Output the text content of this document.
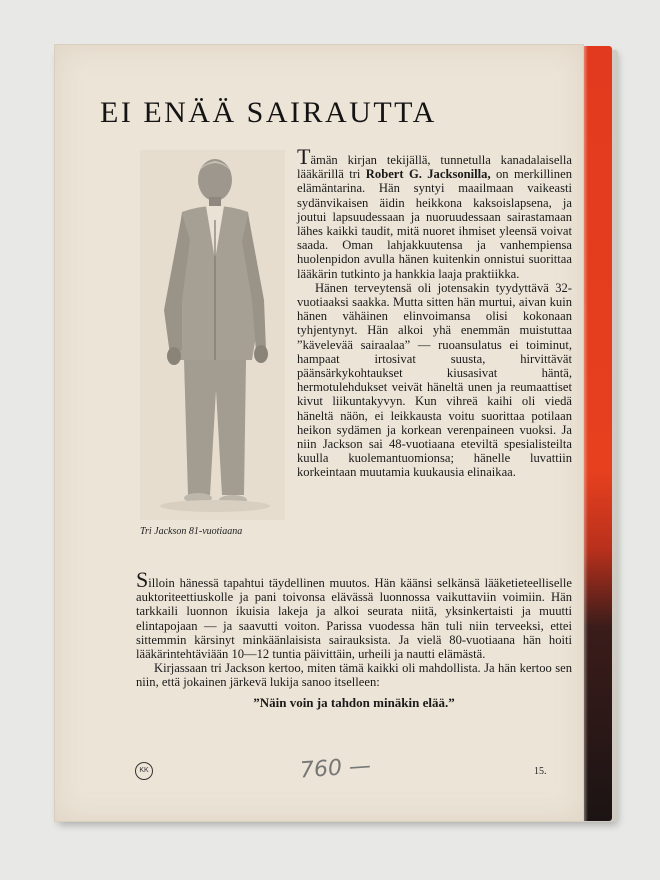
EI ENÄÄ SAIRAUTTA
Tri Jackson 81-vuotiaana

Tämän kirjan tekijällä, tunnetulla kanadalaisella lääkärillä tri Robert G. Jacksonilla, on merkillinen elämäntarina. Hän syntyi maailmaan vaikeasti sydänvikaisen äidin heikkona kaksoislapsena, ja joutui lapsuudessaan ja nuoruudessaan sairastamaan lähes kaikki taudit, mitä nuoret ihmiset yleensä voivat saada. Oman lahjakkuutensa ja vanhempiensa huolenpidon avulla hänen kuitenkin onnistui suorittaa lääkärin tutkinto ja hankkia laaja praktiikka.

Hänen terveytensä oli jotensakin tyydyttävä 32-vuotiaaksi saakka. Mutta sitten hän murtui, aivan kuin hänen vähäinen elinvoimansa olisi kokonaan tyhjentynyt. Hän alkoi yhä enemmän muistuttaa ”kävelevää sairaalaa” — ruoansulatus ei toiminut, hampaat irtosivat suusta, hirvittävät päänsärkykohtaukset kiusasivat häntä, hermotulehdukset veivät häneltä unen ja reumaattiset kivut liikuntakyvyn. Kun vihreä kaihi oli viedä häneltä näön, ei leikkausta voitu suorittaa potilaan heikon sydämen ja korkean verenpaineen vuoksi. Ja niin Jackson sai 48-vuotiaana eteviltä spesialisteilta kuulla kuolemantuomionsa; hänelle luvattiin korkeintaan muutamia kuukausia elinaikaa.

Silloin hänessä tapahtui täydellinen muutos. Hän käänsi selkänsä lääketieteelliselle auktoriteettiuskolle ja pani toivonsa elävässä luonnossa vaikuttaviin voimiin. Hän tarkkaili luonnon ikuisia lakeja ja alkoi seurata niitä, yksinkertaisti ja muutti elintapojaan — ja saavutti voiton. Parissa vuodessa hän tuli niin terveeksi, ettei sittemmin kärsinyt minkäänlaisista sairauksista. Ja vielä 80-vuotiaana hän hoiti lääkärintehtäviään 10—12 tuntia päivittäin, urheili ja nautti elämästä.

Kirjassaan tri Jackson kertoo, miten tämä kaikki oli mahdollista. Ja hän kertoo sen niin, että jokainen järkevä lukija sanoo itselleen:

”Näin voin ja tahdon minäkin elää.”

KK	760 —	15.
